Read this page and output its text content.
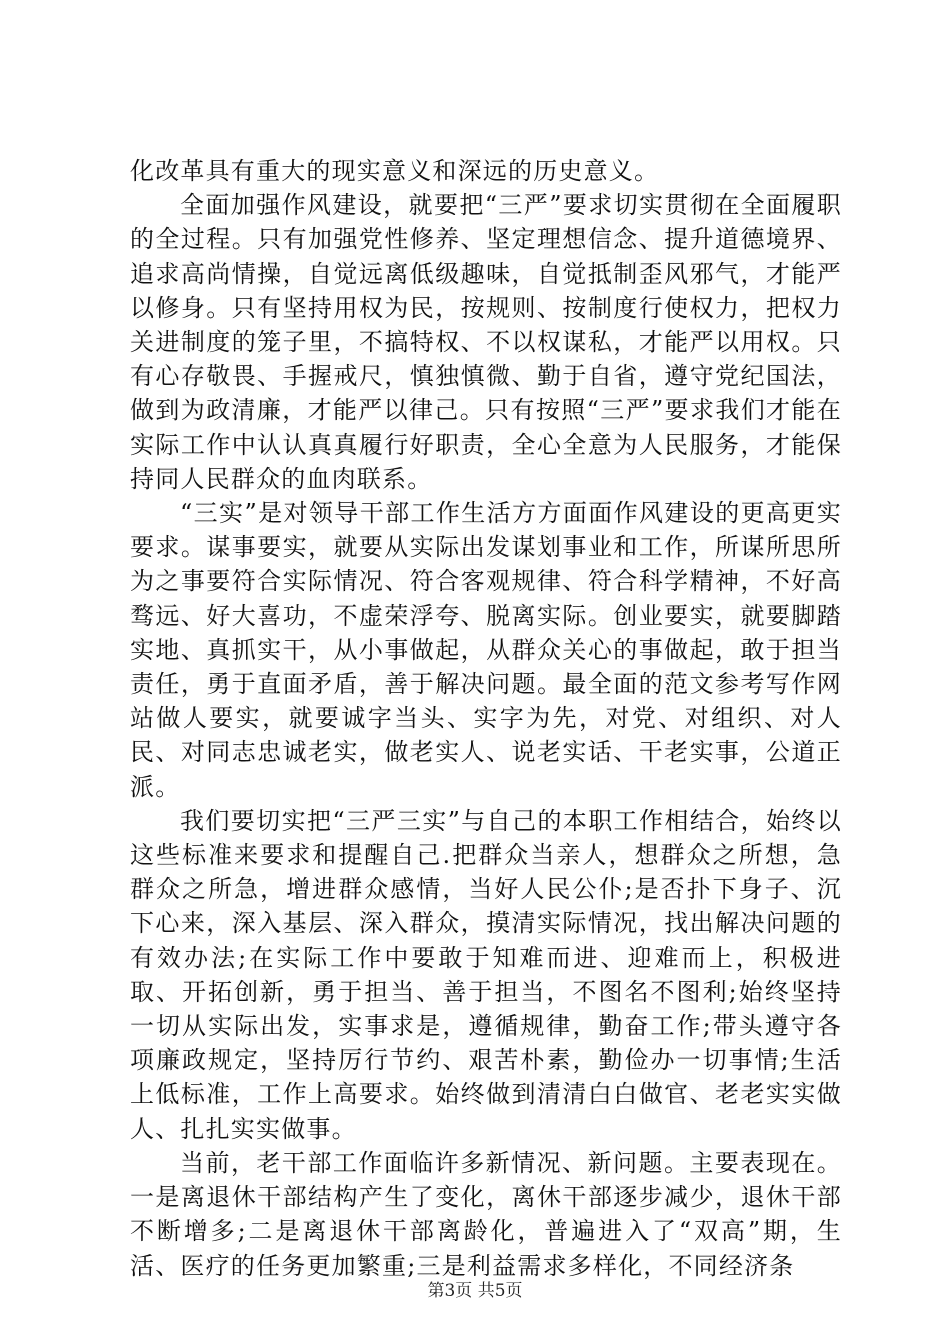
化改革具有重大的现实意义和深远的历史意义。

全面加强作风建设，就要把“三严”要求切实贯彻在全面履职的全过程。只有加强党性修养、坚定理想信念、提升道德境界、追求高尚情操，自觉远离低级趣味，自觉抵制歪风邪气，才能严以修身。只有坚持用权为民，按规则、按制度行使权力，把权力关进制度的笼子里，不搞特权、不以权谋私，才能严以用权。只有心存敬畏、手握戒尺，慎独慎微、勤于自省，遵守党纪国法，做到为政清廉，才能严以律己。只有按照“三严”要求我们才能在实际工作中认认真真履行好职责，全心全意为人民服务，才能保持同人民群众的血肉联系。

“三实”是对领导干部工作生活方方面面作风建设的更高更实要求。谋事要实，就要从实际出发谋划事业和工作，所谋所思所为之事要符合实际情况、符合客观规律、符合科学精神，不好高骛远、好大喜功，不虚荣浮夸、脱离实际。创业要实，就要脚踏实地、真抓实干，从小事做起，从群众关心的事做起，敢于担当责任，勇于直面矛盾，善于解决问题。最全面的范文参考写作网站做人要实，就要诚字当头、实字为先，对党、对组织、对人民、对同志忠诚老实，做老实人、说老实话、干老实事，公道正派。

我们要切实把“三严三实”与自己的本职工作相结合，始终以这些标准来要求和提醒自己.把群众当亲人，想群众之所想，急群众之所急，增进群众感情，当好人民公仆;是否扑下身子、沉下心来，深入基层、深入群众，摸清实际情况，找出解决问题的有效办法;在实际工作中要敢于知难而进、迎难而上，积极进取、开拓创新，勇于担当、善于担当，不图名不图利;始终坚持一切从实际出发，实事求是，遵循规律，勤奋工作;带头遵守各项廉政规定，坚持厉行节约、艰苦朴素，勤俭办一切事情;生活上低标准，工作上高要求。始终做到清清白白做官、老老实实做人、扎扎实实做事。

当前，老干部工作面临许多新情况、新问题。主要表现在。一是离退休干部结构产生了变化，离休干部逐步减少，退休干部不断增多;二是离退休干部离龄化，普遍进入了“双高”期，生活、医疗的任务更加繁重;三是利益需求多样化，不同经济条

第3页 共5页
